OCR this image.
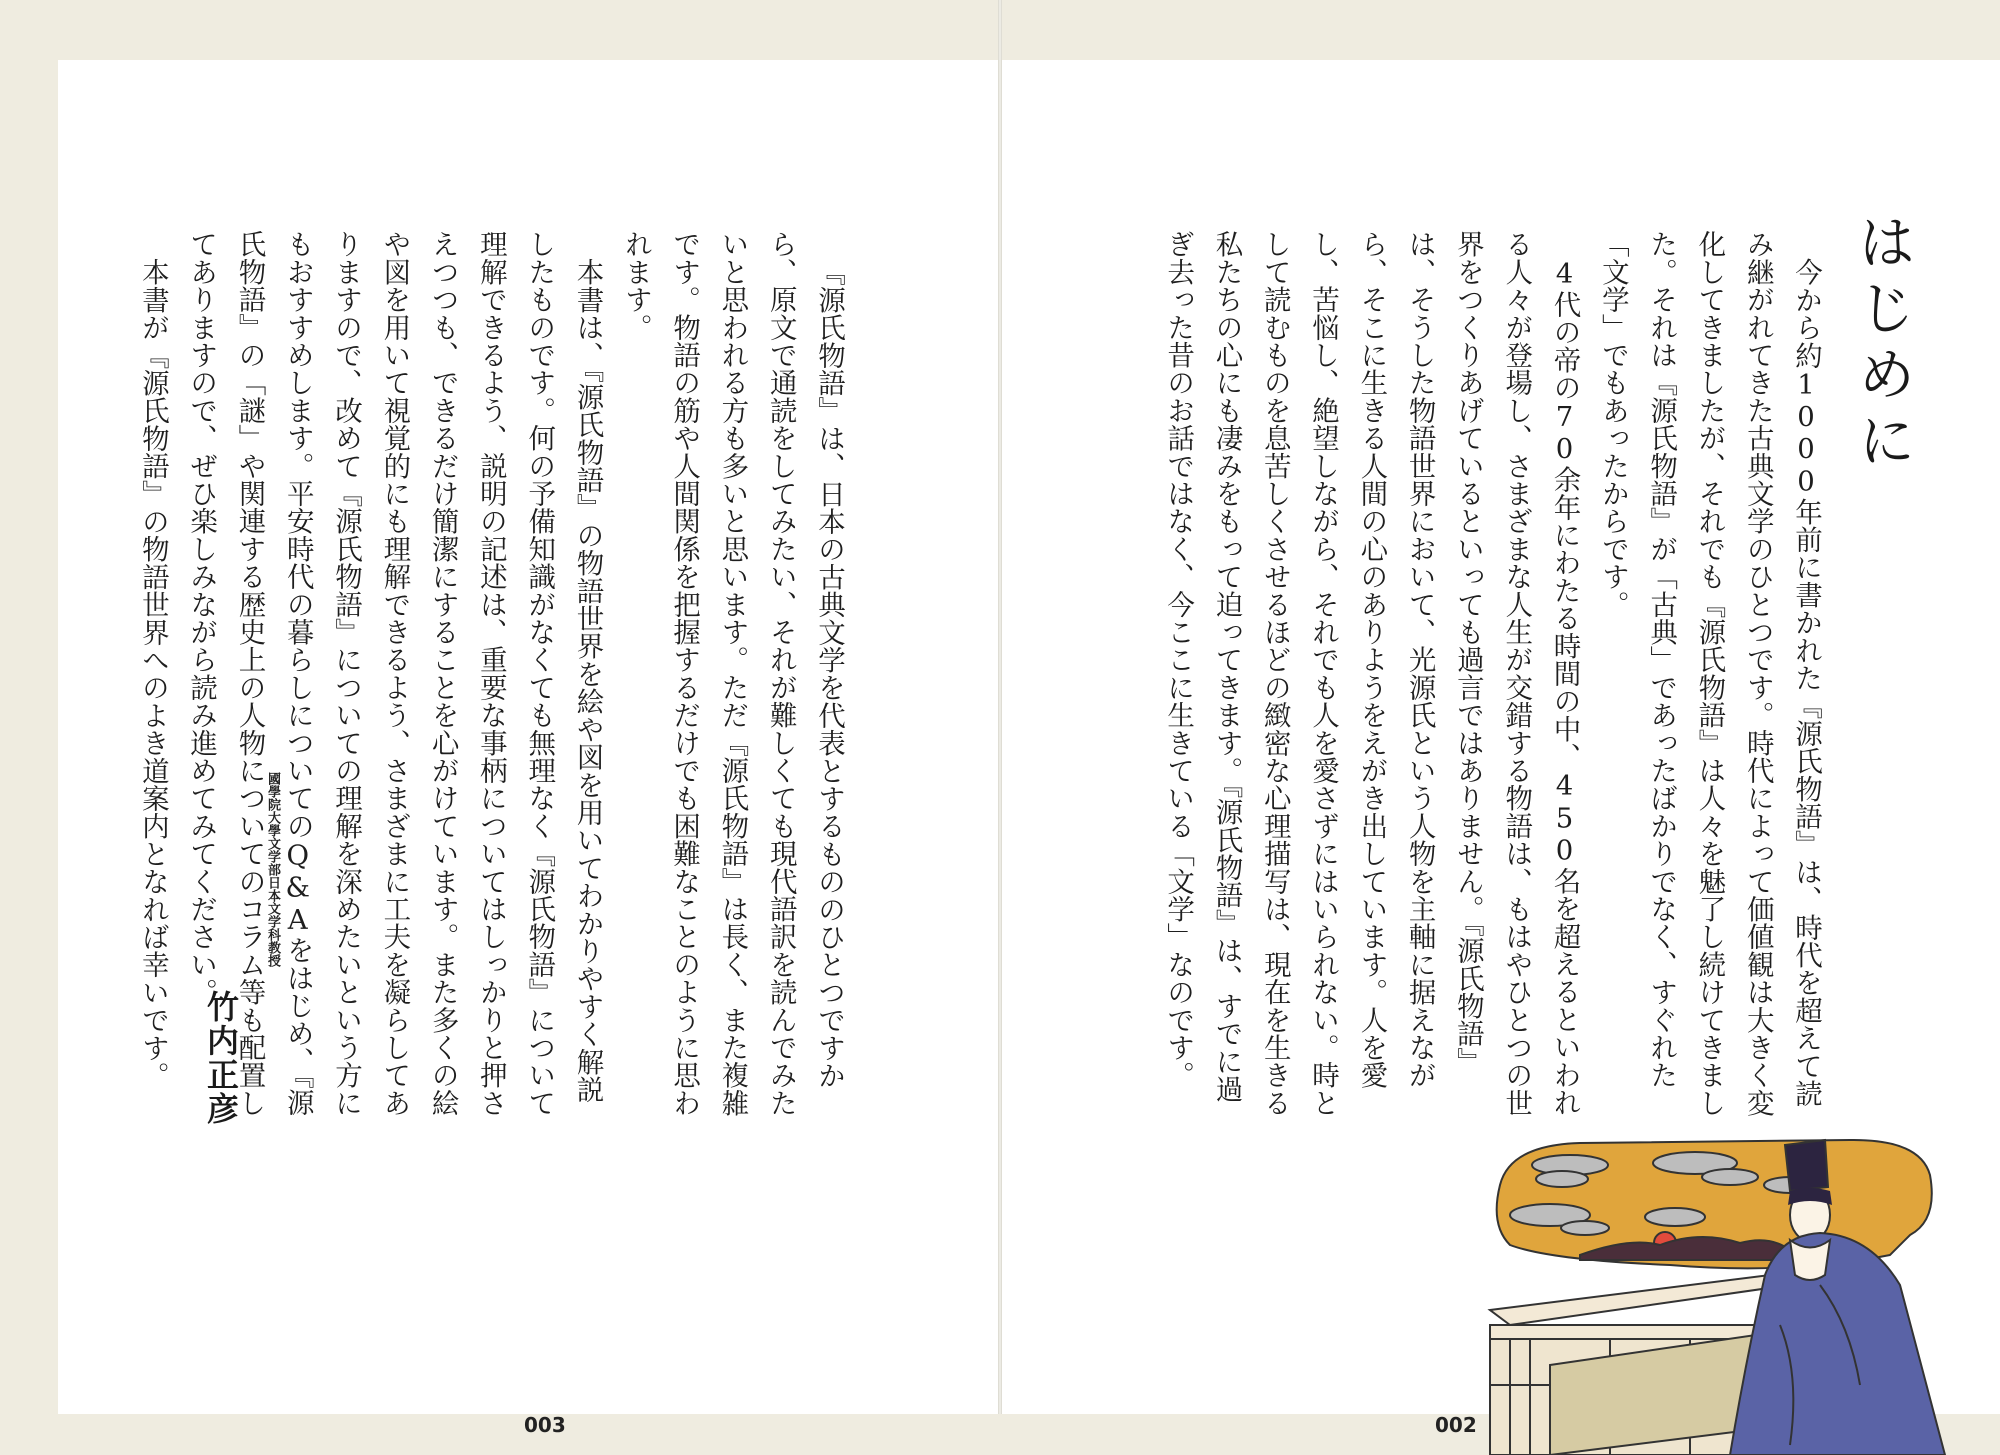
『源氏物語』は、日本の古典文学を代表とするもののひとつですから、原文で通読をしてみたい、それが難しくても現代語訳を読んでみたいと思われる方も多いと思います。ただ『源氏物語』は長く、また複雑です。物語の筋や人間関係を把握するだけでも困難なことのように思われます。

本書は、『源氏物語』の物語世界を絵や図を用いてわかりやすく解説したものです。何の予備知識がなくても無理なく『源氏物語』について理解できるよう、説明の記述は、重要な事柄についてはしっかりと押さえつつも、できるだけ簡潔にすることを心がけています。また多くの絵や図を用いて視覚的にも理解できるよう、さまざまに工夫を凝らしてありますので、改めて『源氏物語』についての理解を深めたいという方にもおすすめします。平安時代の暮らしについてのQ&Aをはじめ、『源氏物語』の「謎」や関連する歴史上の人物についてのコラム等も配置してありますので、ぜひ楽しみながら読み進めてみてください。

本書が『源氏物語』の物語世界へのよき道案内となれば幸いです。	國學院大學文学部日本文学科教授
竹内正彦
003
はじめに

今から約1000年前に書かれた『源氏物語』は、時代を超えて読み継がれてきた古典文学のひとつです。時代によって価値観は大きく変化してきましたが、それでも『源氏物語』は人々を魅了し続けてきました。それは『源氏物語』が「古典」であったばかりでなく、すぐれた「文学」でもあったからです。

4代の帝の70余年にわたる時間の中、450名を超えるといわれる人々が登場し、さまざまな人生が交錯する物語は、もはやひとつの世界をつくりあげているといっても過言ではありません。『源氏物語』は、そうした物語世界において、光源氏という人物を主軸に据えながら、そこに生きる人間の心のありようをえがき出しています。人を愛し、苦悩し、絶望しながら、それでも人を愛さずにはいられない。時として読むものを息苦しくさせるほどの緻密な心理描写は、現在を生きる私たちの心にも凄みをもって迫ってきます。『源氏物語』は、すでに過ぎ去った昔のお話ではなく、今ここに生きている「文学」なのです。

002
